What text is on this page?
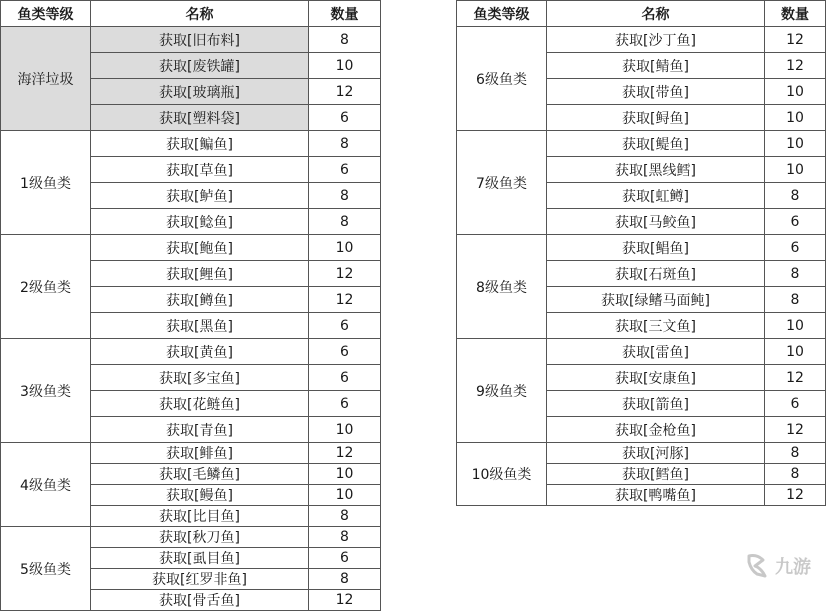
鱼类等级	名称	数量
海洋垃圾	获取[旧布料]	8
	获取[废铁罐]	10
	获取[玻璃瓶]	12
	获取[塑料袋]	6
1级鱼类	获取[鳊鱼]	8
	获取[草鱼]	6
	获取[鲈鱼]	8
	获取[鲶鱼]	8
2级鱼类	获取[鲍鱼]	10
	获取[鲤鱼]	12
	获取[鳟鱼]	12
	获取[黑鱼]	6
3级鱼类	获取[黄鱼]	6
	获取[多宝鱼]	6
	获取[花鲢鱼]	6
	获取[青鱼]	10
4级鱼类	获取[鲱鱼]	12
	获取[毛鳞鱼]	10
	获取[鳗鱼]	10
	获取[比目鱼]	8
5级鱼类	获取[秋刀鱼]	8
	获取[虱目鱼]	6
	获取[红罗非鱼]	8
	获取[骨舌鱼]	12
鱼类等级	名称	数量
6级鱼类	获取[沙丁鱼]	12
	获取[鲭鱼]	12
	获取[带鱼]	10
	获取[鲟鱼]	10
7级鱼类	获取[鳀鱼]	10
	获取[黑线鳕]	10
	获取[虹鳟]	8
	获取[马鲛鱼]	6
8级鱼类	获取[鲳鱼]	6
	获取[石斑鱼]	8
	获取[绿鳍马面鲀]	8
	获取[三文鱼]	10
9级鱼类	获取[雷鱼]	10
	获取[安康鱼]	12
	获取[箭鱼]	6
	获取[金枪鱼]	12
10级鱼类	获取[河豚]	8
	获取[鳕鱼]	8
	获取[鸭嘴鱼]	12
九游
